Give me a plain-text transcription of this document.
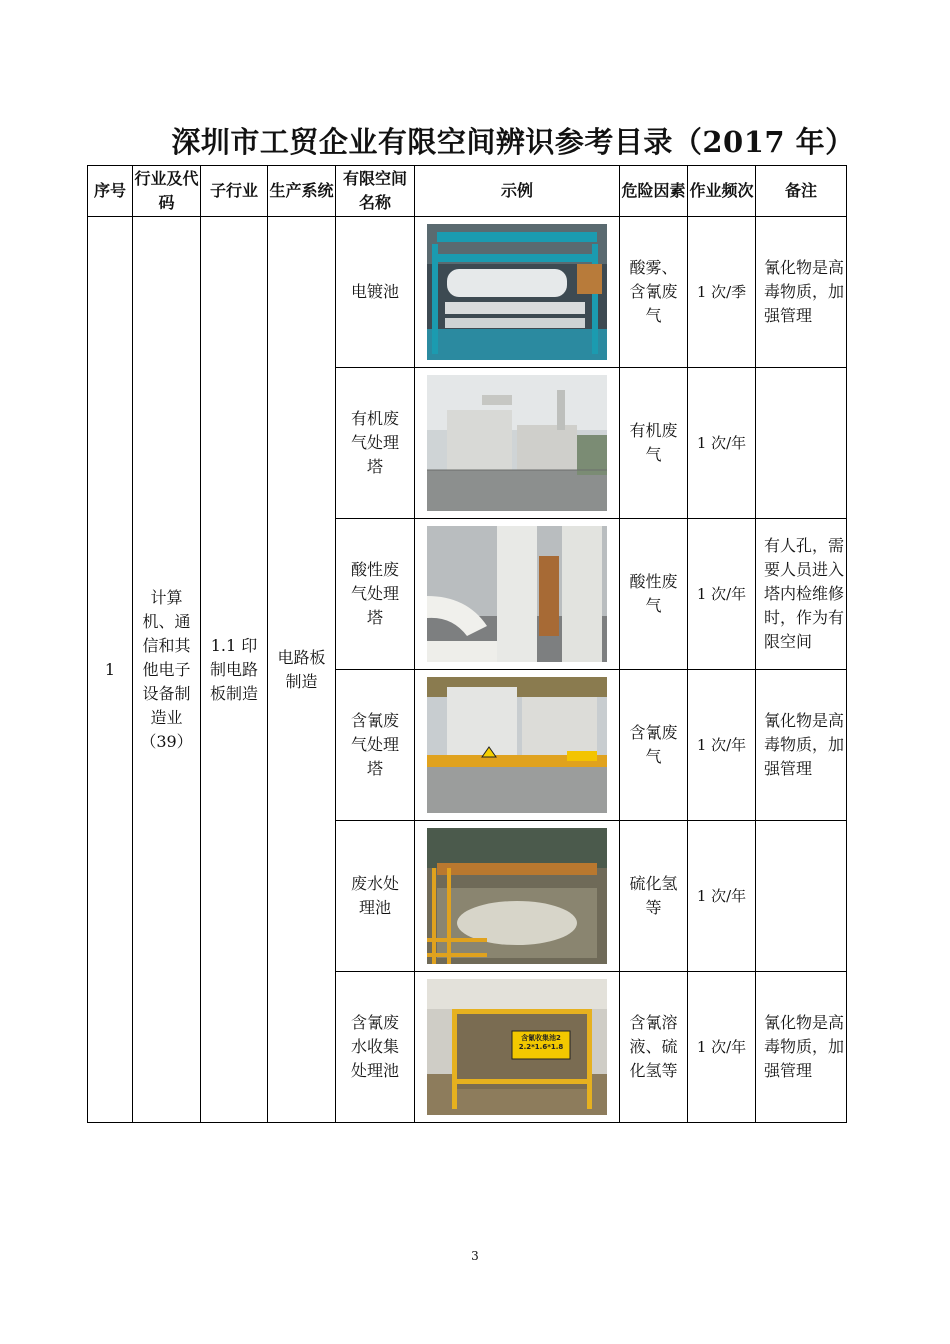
深圳市工贸企业有限空间辨识参考目录（2017 年）
序号	行业及代码	子行业	生产系统	有限空间名称	示例	危险因素	作业频次	备注
1	计算机、通信和其他电子设备制造业（39）	1.1 印制电路板制造	电路板制造	电镀池		酸雾、含氰废气	1 次/季	氰化物是高毒物质，加强管理
				有机废气处理塔		有机废气	1 次/年	
				酸性废气处理塔		酸性废气	1 次/年	有人孔，需要人员进入塔内检维修时，作为有限空间
				含氰废气处理塔		含氰废气	1 次/年	氰化物是高毒物质，加强管理
				废水处理池		硫化氢等	1 次/年	
				含氰废水收集处理池	含氰收集池2 2.2*1.6*1.8	含氰溶液、硫化氢等	1 次/年	氰化物是高毒物质，加强管理
3
